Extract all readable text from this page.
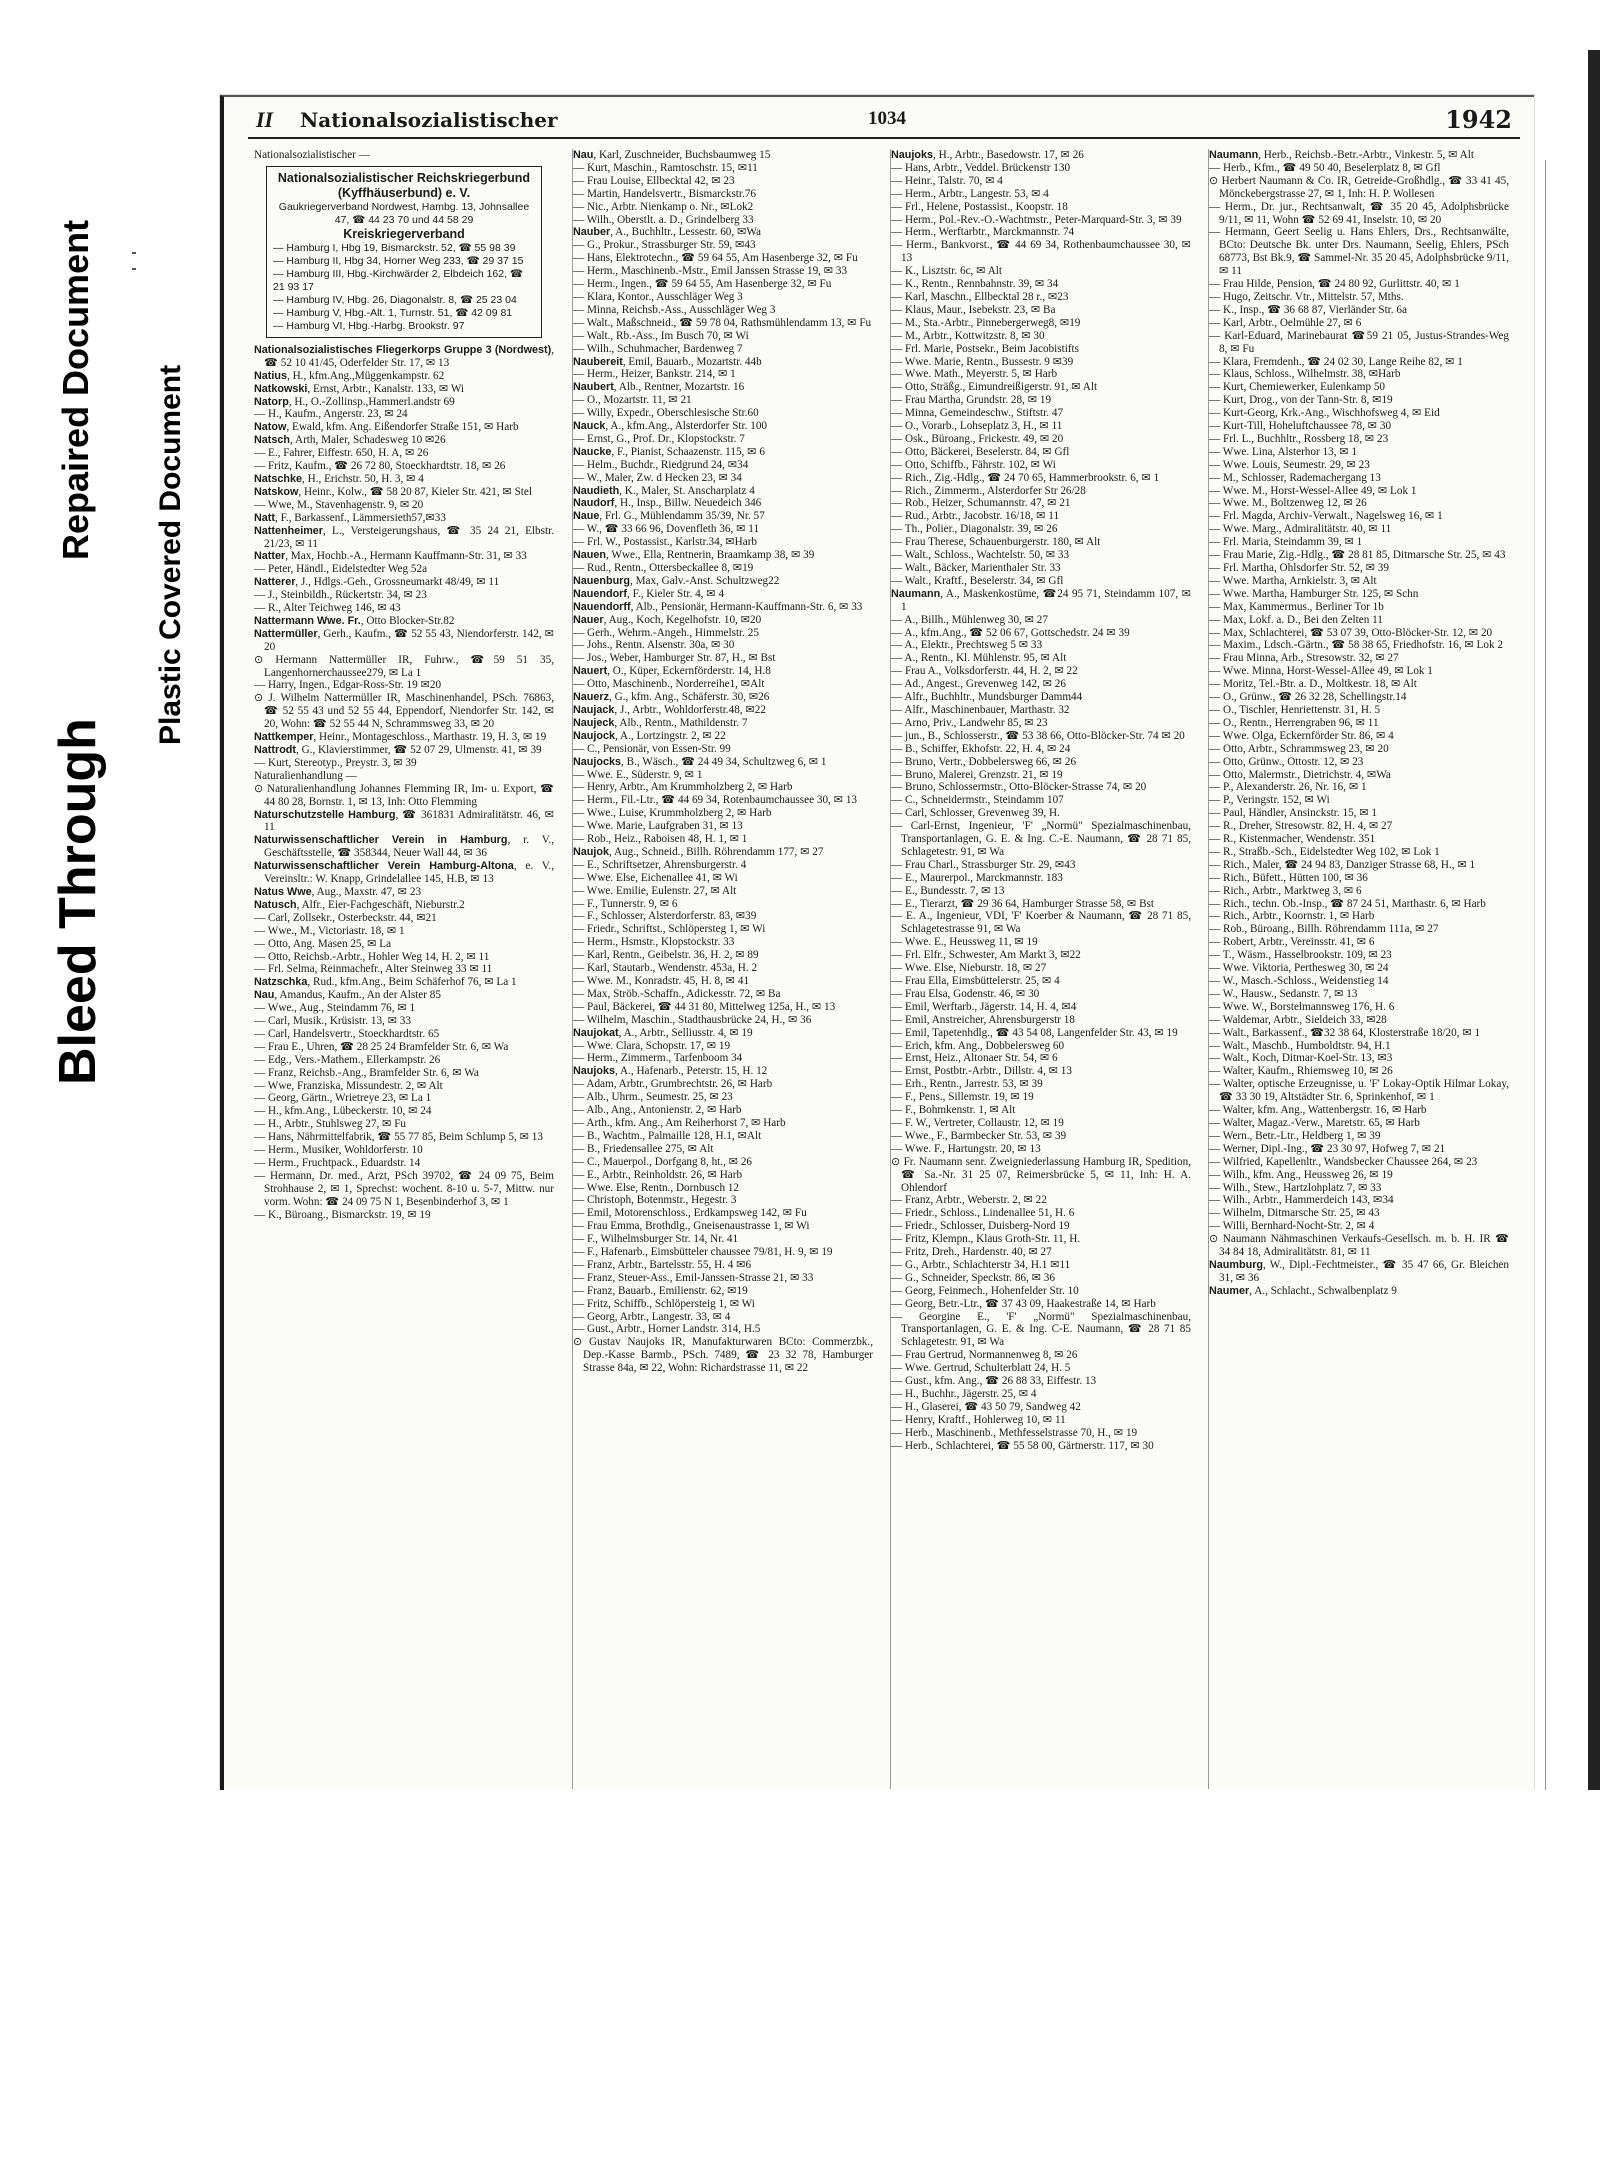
Bleed Through
Repaired Document Plastic Covered Document
II Nationalsozialistischer	1034	1942

Nationalsozialistischer —

Nationalsozialistischer Reichskriegerbund (Kyffhäuserbund) e. V.
Gaukriegerverband Nordwest, Hambg. 13, Johnsallee 47, ☎ 44 23 70 und 44 58 29
Kreiskriegerverband
— Hamburg I, Hbg 19, Bismarckstr. 52, ☎ 55 98 39
— Hamburg II, Hbg 34, Horner Weg 233, ☎ 29 37 15
— Hamburg III, Hbg.-Kirchwärder 2, Elbdeich 162, ☎ 21 93 17
— Hamburg IV, Hbg. 26, Diagonalstr. 8, ☎ 25 23 04
— Hamburg V, Hbg.-Alt. 1, Turnstr. 51, ☎ 42 09 81
— Hamburg VI, Hbg.-Harbg. Brookstr. 97

Nationalsozialistisches Fliegerkorps Gruppe 3 (Nordwest), ☎ 52 10 41/45, Oderfelder Str. 17, ✉ 13

Natius, H., kfm.Ang.,Müggenkampstr. 62

Natkowski, Ernst, Arbtr., Kanalstr. 133, ✉ Wi

Natorp, H., O.-Zollinsp.,Hammerl.andstr 69

— H., Kaufm., Angerstr. 23, ✉ 24

Natow, Ewald, kfm. Ang. Eißendorfer Straße 151, ✉ Harb

Natsch, Arth, Maler, Schadesweg 10 ✉26

— E., Fahrer, Eiffestr. 650, H. A, ✉ 26

— Fritz, Kaufm., ☎ 26 72 80, Stoeckhardtstr. 18, ✉ 26

Natschke, H., Erichstr. 50, H. 3, ✉ 4

Natskow, Heinr., Kolw., ☎ 58 20 87, Kieler Str. 421, ✉ Stel

— Wwe, M., Stavenhagenstr. 9, ✉ 20

Natt, F., Barkassenf., Lämmersieth57,✉33

Nattenheimer, L., Versteigerungshaus, ☎ 35 24 21, Elbstr. 21/23, ✉ 11

Natter, Max, Hochb.-A., Hermann Kauffmann-Str. 31, ✉ 33

— Peter, Händl., Eidelstedter Weg 52a

Natterer, J., Hdlgs.-Geh., Grossneumarkt 48/49, ✉ 11

— J., Steinbildh., Rückertstr. 34, ✉ 23

— R., Alter Teichweg 146, ✉ 43

Nattermann Wwe. Fr., Otto Blocker-Str.82

Nattermüller, Gerh., Kaufm., ☎ 52 55 43, Niendorferstr. 142, ✉ 20

⊙ Hermann Nattermüller IR, Fuhrw., ☎59 51 35, Langenhornerchaussee279, ✉ La 1

— Harry, Ingen., Edgar-Ross-Str. 19 ✉20

⊙ J. Wilhelm Nattermüller IR, Maschinenhandel, PSch. 76863, ☎ 52 55 43 und 52 55 44, Eppendorf, Niendorfer Str. 142, ✉ 20, Wohn: ☎ 52 55 44 N, Schrammsweg 33, ✉ 20

Nattkemper, Heinr., Montageschloss., Marthastr. 19, H. 3, ✉ 19

Nattrodt, G., Klavierstimmer, ☎ 52 07 29, Ulmenstr. 41, ✉ 39

— Kurt, Stereotyp., Preystr. 3, ✉ 39

Naturalienhandlung —

⊙ Naturalienhandlung Johannes Flemming IR, Im- u. Export, ☎ 44 80 28, Bornstr. 1, ✉ 13, Inh: Otto Flemming

Naturschutzstelle Hamburg, ☎ 361831 Admiralitätstr. 46, ✉ 11

Naturwissenschaftlicher Verein in Hamburg, r. V., Geschäftsstelle, ☎ 358344, Neuer Wall 44, ✉ 36

Naturwissenschaftlicher Verein Hamburg-Altona, e. V., Vereinsltr.: W. Knapp, Grindelallee 145, H.B, ✉ 13

Natus Wwe, Aug., Maxstr. 47, ✉ 23

Natusch, Alfr., Eier-Fachgeschäft, Nieburstr.2

— Carl, Zollsekr., Osterbeckstr. 44, ✉21

— Wwe., M., Victoriastr. 18, ✉ 1

— Otto, Ang. Masen 25, ✉ La

— Otto, Reichsb.-Arbtr., Hohler Weg 14, H. 2, ✉ 11

— Frl. Selma, Reinmachefr., Alter Steinweg 33 ✉ 11

Natzschka, Rud., kfm.Ang., Beim Schäferhof 76, ✉ La 1

Nau, Amandus, Kaufm., An der Alster 85

— Wwe., Aug., Steindamm 76, ✉ 1

— Carl, Musik., Krüsistr. 13, ✉ 33

— Carl, Handelsvertr., Stoeckhardtstr. 65

— Frau E., Uhren, ☎ 28 25 24 Bramfelder Str. 6, ✉ Wa

— Edg., Vers.-Mathem., Ellerkampstr. 26

— Franz, Reichsb.-Ang., Bramfelder Str. 6, ✉ Wa

— Wwe, Franziska, Missundestr. 2, ✉ Alt

— Georg, Gärtn., Wrietreye 23, ✉ La 1

— H., kfm.Ang., Lübeckerstr. 10, ✉ 24

— H., Arbtr., Stuhlsweg 27, ✉ Fu

— Hans, Nährmittelfabrik, ☎ 55 77 85, Beim Schlump 5, ✉ 13

— Herm., Musiker, Wohldorferstr. 10

— Herm., Fruchtpack., Eduardstr. 14

— Hermann, Dr. med., Arzt, PSch 39702, ☎ 24 09 75, Beim Strohhause 2, ✉ 1, Sprechst: wochent. 8-10 u. 5-7, Mittw. nur vorm. Wohn: ☎ 24 09 75 N 1, Besenbinderhof 3, ✉ 1

— K., Büroang., Bismarckstr. 19, ✉ 19

Nau, Karl, Zuschneider, Buchsbaumweg 15

— Kurt, Maschin., Ramtoschstr. 15, ✉11

— Frau Louise, Ellbecktal 42, ✉ 23

— Martin, Handelsvertr., Bismarckstr.76

— Nic., Arbtr. Nienkamp o. Nr., ✉Lok2

— Wilh., Oberstlt. a. D., Grindelberg 33

Nauber, A., Buchhltr., Lessestr. 60, ✉Wa

— G., Prokur., Strassburger Str. 59, ✉43

— Hans, Elektrotechn., ☎ 59 64 55, Am Hasenberge 32, ✉ Fu

— Herm., Maschinenb.-Mstr., Emil Janssen Strasse 19, ✉ 33

— Herm., Ingen., ☎ 59 64 55, Am Hasenberge 32, ✉ Fu

— Klara, Kontor., Ausschläger Weg 3

— Minna, Reichsb.-Ass., Ausschläger Weg 3

— Walt., Maßschneid., ☎ 59 78 04, Rathsmühlendamm 13, ✉ Fu

— Walt., Rb.-Ass., Im Busch 70, ✉ Wi

— Wilh., Schuhmacher, Bardenweg 7

Naubereit, Emil, Bauarb., Mozartstr. 44b

— Herm., Heizer, Bankstr. 214, ✉ 1

Naubert, Alb., Rentner, Mozartstr. 16

— O., Mozartstr. 11, ✉ 21

— Willy, Expedr., Oberschlesische Str.60

Nauck, A., kfm.Ang., Alsterdorfer Str. 100

— Ernst, G., Prof. Dr., Klopstockstr. 7

Naucke, F., Pianist, Schaazenstr. 115, ✉ 6

— Helm., Buchdr., Riedgrund 24, ✉34

— W., Maler, Zw. d Hecken 23, ✉ 34

Naudieth, K., Maler, St. Anscharplatz 4

Naudorf, H., Insp., Billw. Neuedeich 346

Naue, Frl. G., Mühlendamm 35/39, Nr. 57

— W., ☎ 33 66 96, Dovenfleth 36, ✉ 11

— Frl. W., Postassist., Karlstr.34, ✉Harb

Nauen, Wwe., Ella, Rentnerin, Braamkamp 38, ✉ 39

— Rud., Rentn., Ottersbeckallee 8, ✉19

Nauenburg, Max, Galv.-Anst. Schultzweg22

Nauendorf, F., Kieler Str. 4, ✉ 4

Nauendorff, Alb., Pensionär, Hermann-Kauffmann-Str. 6, ✉ 33

Nauer, Aug., Koch, Kegelhofstr. 10, ✉20

— Gerh., Wehrm.-Angeh., Himmelstr. 25

— Johs., Rentn. Alsenstr. 30a, ✉ 30

— Jos., Weber, Hamburger Str. 87, H., ✉ Bst

Nauert, O., Küper, Eckernförderstr. 14, H.8

— Otto, Maschinenb., Norderreihe1, ✉Alt

Nauerz, G., kfm. Ang., Schäferstr. 30, ✉26

Naujack, J., Arbtr., Wohldorferstr.48, ✉22

Naujeck, Alb., Rentn., Mathildenstr. 7

Naujock, A., Lortzingstr. 2, ✉ 22

— C., Pensionär, von Essen-Str. 99

Naujocks, B., Wäsch., ☎ 24 49 34, Schultzweg 6, ✉ 1

— Wwe. E., Süderstr. 9, ✉ 1

— Henry, Arbtr., Am Krummholzberg 2, ✉ Harb

— Herm., Fil.-Ltr., ☎ 44 69 34, Rotenbaumchaussee 30, ✉ 13

— Wwe., Luise, Krummholzberg 2, ✉ Harb

— Wwe. Marie, Laufgraben 31, ✉ 13

— Rob., Heiz., Raboisen 48, H. 1, ✉ 1

Naujok, Aug., Schneid., Billh. Röhrendamm 177, ✉ 27

— E., Schriftsetzer, Ahrensburgerstr. 4

— Wwe. Else, Eichenallee 41, ✉ Wi

— Wwe. Emilie, Eulenstr. 27, ✉ Alt

— F., Tunnerstr. 9, ✉ 6

— F., Schlosser, Alsterdorferstr. 83, ✉39

— Friedr., Schriftst., Schlöpersteg 1, ✉ Wi

— Herm., Hsmstr., Klopstockstr. 33

— Karl, Rentn., Geibelstr. 36, H. 2, ✉ 89

— Karl, Stautarb., Wendenstr. 453a, H. 2

— Wwe. M., Konradstr. 45, H. 8, ✉ 41

— Max, Ströb.-Schaffn., Adickesstr. 72, ✉ Ba

— Paul, Bäckerei, ☎ 44 31 80, Mittelweg 125a, H., ✉ 13

— Wilhelm, Maschin., Stadthausbrücke 24, H., ✉ 36

Naujokat, A., Arbtr., Selliusstr. 4, ✉ 19

— Wwe. Clara, Schopstr. 17, ✉ 19

— Herm., Zimmerm., Tarfenboom 34

Naujoks, A., Hafenarb., Peterstr. 15, H. 12

— Adam, Arbtr., Grumbrechtstr. 26, ✉ Harb

— Alb., Uhrm., Seumestr. 25, ✉ 23

— Alb., Ang., Antonienstr. 2, ✉ Harb

— Arth., kfm. Ang., Am Reiherhorst 7, ✉ Harb

— B., Wachtm., Palmaille 128, H.1, ✉Alt

— B., Friedensallee 275, ✉ Alt

— C., Mauerpol., Dorfgang 8, ht., ✉ 26

— E., Arbtr., Reinholdstr. 26, ✉ Harb

— Wwe. Else, Rentn., Dornbusch 12

— Christoph, Botenmstr., Hegestr. 3

— Emil, Motorenschloss., Erdkampsweg 142, ✉ Fu

— Frau Emma, Brothdlg., Gneisenaustrasse 1, ✉ Wi

— F., Wilhelmsburger Str. 14, Nr. 41

— F., Hafenarb., Eimsbütteler chaussee 79/81, H. 9, ✉ 19

— Franz, Arbtr., Bartelsstr. 55, H. 4 ✉6

— Franz, Steuer-Ass., Emil-Janssen-Strasse 21, ✉ 33

— Franz, Bauarb., Emilienstr. 62, ✉19

— Fritz, Schiffb., Schlöpersteig 1, ✉ Wi

— Georg, Arbtr., Langestr. 33, ✉ 4

— Gust., Arbtr., Horner Landstr. 314, H.5

⊙ Gustav Naujoks IR, Manufakturwaren BCto: Commerzbk., Dep.-Kasse Barmb., PSch. 7489, ☎ 23 32 78, Hamburger Strasse 84a, ✉ 22, Wohn: Richardstrasse 11, ✉ 22

Naujoks, H., Arbtr., Basedowstr. 17, ✉ 26

— Hans, Arbtr., Veddel. Brückenstr 130

— Heinr., Talstr. 70, ✉ 4

— Herm., Arbtr., Langestr. 53, ✉ 4

— Frl., Helene, Postassist., Koopstr. 18

— Herm., Pol.-Rev.-O.-Wachtmstr., Peter-Marquard-Str. 3, ✉ 39

— Herm., Werftarbtr., Marckmannstr. 74

— Herm., Bankvorst., ☎ 44 69 34, Rothenbaumchaussee 30, ✉ 13

— K., Lisztstr. 6c, ✉ Alt

— K., Rentn., Rennbahnstr. 39, ✉ 34

— Karl, Maschn., Ellbecktal 28 r., ✉23

— Klaus, Maur., Isebekstr. 23, ✉ Ba

— M., Sta.-Arbtr., Pinnebergerweg8, ✉19

— M., Arbtr., Kottwitzstr. 8, ✉ 30

— Frl. Marie, Postsekr., Beim Jacobistifts

— Wwe. Marie, Rentn., Bussestr. 9 ✉39

— Wwe. Math., Meyerstr. 5, ✉ Harb

— Otto, Sträßg., Eimundreißigerstr. 91, ✉ Alt

— Frau Martha, Grundstr. 28, ✉ 19

— Minna, Gemeindeschw., Stiftstr. 47

— O., Vorarb., Lohseplatz 3, H., ✉ 11

— Osk., Büroang., Frickestr. 49, ✉ 20

— Otto, Bäckerei, Beselerstr. 84, ✉ Gfl

— Otto, Schiffb., Fährstr. 102, ✉ Wi

— Rich., Zig.-Hdlg., ☎ 24 70 65, Hammerbrookstr. 6, ✉ 1

— Rich., Zimmerm., Alsterdorfer Str 26/28

— Rob., Heizer, Schumannstr. 47, ✉ 21

— Rud., Arbtr., Jacobstr. 16/18, ✉ 11

— Th., Polier., Diagonalstr. 39, ✉ 26

— Frau Therese, Schauenburgerstr. 180, ✉ Alt

— Walt., Schloss., Wachtelstr. 50, ✉ 33

— Walt., Bäcker, Marienthaler Str. 33

— Walt., Kraftf., Beselerstr. 34, ✉ Gfl

Naumann, A., Maskenkostüme, ☎24 95 71, Steindamm 107, ✉ 1

— A., Billh., Mühlenweg 30, ✉ 27

— A., kfm.Ang., ☎ 52 06 67, Gottschedstr. 24 ✉ 39

— A., Elektr., Prechtsweg 5 ✉ 33

— A., Rentn., Kl. Mühlenstr. 95, ✉ Alt

— Frau A., Volksdorferstr. 44, H. 2, ✉ 22

— Ad., Angest., Grevenweg 142, ✉ 26

— Alfr., Buchhltr., Mundsburger Damm44

— Alfr., Maschinenbauer, Marthastr. 32

— Arno, Priv., Landwehr 85, ✉ 23

— jun., B., Schlosserstr., ☎ 53 38 66, Otto-Blöcker-Str. 74 ✉ 20

— B., Schiffer, Ekhofstr. 22, H. 4, ✉ 24

— Bruno, Vertr., Dobbelersweg 66, ✉ 26

— Bruno, Malerei, Grenzstr. 21, ✉ 19

— Bruno, Schlossermstr., Otto-Blöcker-Strasse 74, ✉ 20

— C., Schneidermstr., Steindamm 107

— Carl, Schlosser, Grevenweg 39, H.

— Carl-Ernst, Ingenieur, 'F' „Normü" Spezialmaschinenbau, Transportanlagen, G. E. & Ing. C.-E. Naumann, ☎ 28 71 85, Schlagetestr. 91, ✉ Wa

— Frau Charl., Strassburger Str. 29, ✉43

— E., Maurerpol., Marckmannstr. 183

— E., Bundesstr. 7, ✉ 13

— E., Tierarzt, ☎ 29 36 64, Hamburger Strasse 58, ✉ Bst

— E. A., Ingenieur, VDI, 'F' Koerber & Naumann, ☎ 28 71 85, Schlagetestrasse 91, ✉ Wa

— Wwe. E., Heussweg 11, ✉ 19

— Frl. Elfr., Schwester, Am Markt 3, ✉22

— Wwe. Else, Nieburstr. 18, ✉ 27

— Frau Ella, Eimsbüttelerstr. 25, ✉ 4

— Frau Elsa, Godenstr. 46, ✉ 30

— Emil, Werftarb., Jägerstr. 14, H. 4, ✉4

— Emil, Anstreicher, Ahrensburgerstr 18

— Emil, Tapetenhdlg., ☎ 43 54 08, Langenfelder Str. 43, ✉ 19

— Erich, kfm. Ang., Dobbelersweg 60

— Ernst, Heiz., Altonaer Str. 54, ✉ 6

— Ernst, Postbtr.-Arbtr., Dillstr. 4, ✉ 13

— Erh., Rentn., Jarrestr. 53, ✉ 39

— F., Pens., Sillemstr. 19, ✉ 19

— F., Bohmkenstr. 1, ✉ Alt

— F. W., Vertreter, Collaustr. 12, ✉ 19

— Wwe., F., Barmbecker Str. 53, ✉ 39

— Wwe. F., Hartungstr. 20, ✉ 13

⊙ Fr. Naumann senr. Zweigniederlassung Hamburg IR, Spedition, ☎ Sa.-Nr. 31 25 07, Reimersbrücke 5, ✉ 11, Inh: H. A. Ohlendorf

— Franz, Arbtr., Weberstr. 2, ✉ 22

— Friedr., Schloss., Lindenallee 51, H. 6

— Friedr., Schlosser, Duisberg-Nord 19

— Fritz, Klempn., Klaus Groth-Str. 11, H.

— Fritz, Dreh., Hardenstr. 40, ✉ 27

— G., Arbtr., Schlachterstr 34, H.1 ✉11

— G., Schneider, Speckstr. 86, ✉ 36

— Georg, Feinmech., Hohenfelder Str. 10

— Georg, Betr.-Ltr., ☎ 37 43 09, Haakestraße 14, ✉ Harb

— Georgine E., 'F' „Normü" Spezialmaschinenbau, Transportanlagen, G. E. & Ing. C-E. Naumann, ☎ 28 71 85 Schlagetestr. 91, ✉ Wa

— Frau Gertrud, Normannenweg 8, ✉ 26

— Wwe. Gertrud, Schulterblatt 24, H. 5

— Gust., kfm. Ang., ☎ 26 88 33, Eiffestr. 13

— H., Buchhr., Jägerstr. 25, ✉ 4

— H., Glaserei, ☎ 43 50 79, Sandweg 42

— Henry, Kraftf., Hohlerweg 10, ✉ 11

— Herb., Maschinenb., Methfesselstrasse 70, H., ✉ 19

— Herb., Schlachterei, ☎ 55 58 00, Gärtnerstr. 117, ✉ 30

Naumann, Herb., Reichsb.-Betr.-Arbtr., Vinkestr. 5, ✉ Alt

— Herb., Kfm., ☎ 49 50 40, Beselerplatz 8, ✉ Gfl

⊙ Herbert Naumann & Co. IR, Getreide-Großhdlg., ☎ 33 41 45, Mönckebergstrasse 27, ✉ 1, Inh: H. P. Wollesen

— Herm., Dr. jur., Rechtsanwalt, ☎ 35 20 45, Adolphsbrücke 9/11, ✉ 11, Wohn ☎ 52 69 41, Inselstr. 10, ✉ 20

— Hermann, Geert Seelig u. Hans Ehlers, Drs., Rechtsanwälte, BCto: Deutsche Bk. unter Drs. Naumann, Seelig, Ehlers, PSch 68773, Bst Bk.9, ☎ Sammel-Nr. 35 20 45, Adolphsbrücke 9/11, ✉ 11

— Frau Hilde, Pension, ☎ 24 80 92, Gurlittstr. 40, ✉ 1

— Hugo, Zeitschr. Vtr., Mittelstr. 57, Mths.

— K., Insp., ☎ 36 68 87, Vierländer Str. 6a

— Karl, Arbtr., Oelmühle 27, ✉ 6

— Karl-Eduard, Marinebaurat ☎59 21 05, Justus-Strandes-Weg 8, ✉ Fu

— Klara, Fremdenh., ☎ 24 02 30, Lange Reihe 82, ✉ 1

— Klaus, Schloss., Wilhelmstr. 38, ✉Harb

— Kurt, Chemiewerker, Eulenkamp 50

— Kurt, Drog., von der Tann-Str. 8, ✉19

— Kurt-Georg, Krk.-Ang., Wischhofsweg 4, ✉ Eid

— Kurt-Till, Hoheluftchaussee 78, ✉ 30

— Frl. L., Buchhltr., Rossberg 18, ✉ 23

— Wwe. Lina, Alsterhor 13, ✉ 1

— Wwe. Louis, Seumestr. 29, ✉ 23

— M., Schlosser, Rademachergang 13

— Wwe. M., Horst-Wessel-Allee 49, ✉ Lok 1

— Wwe. M., Boltzenweg 12, ✉ 26

— Frl. Magda, Archiv-Verwalt., Nagelsweg 16, ✉ 1

— Wwe. Marg., Admiralitätstr. 40, ✉ 11

— Frl. Maria, Steindamm 39, ✉ 1

— Frau Marie, Zig.-Hdlg., ☎ 28 81 85, Ditmarsche Str. 25, ✉ 43

— Frl. Martha, Ohlsdorfer Str. 52, ✉ 39

— Wwe. Martha, Arnkielstr. 3, ✉ Alt

— Wwe. Martha, Hamburger Str. 125, ✉ Schn

— Max, Kammermus., Berliner Tor 1b

— Max, Lokf. a. D., Bei den Zelten 11

— Max, Schlachterei, ☎ 53 07 39, Otto-Blöcker-Str. 12, ✉ 20

— Maxim., Ldsch.-Gärtn., ☎ 58 38 65, Friedhofstr. 16, ✉ Lok 2

— Frau Minna, Arb., Stresowstr. 32, ✉ 27

— Wwe. Minna, Horst-Wessel-Allee 49, ✉ Lok 1

— Moritz, Tel.-Btr. a. D., Moltkestr. 18, ✉ Alt

— O., Grünw., ☎ 26 32 28, Schellingstr.14

— O., Tischler, Henriettenstr. 31, H. 5

— O., Rentn., Herrengraben 96, ✉ 11

— Wwe. Olga, Eckernförder Str. 86, ✉ 4

— Otto, Arbtr., Schrammsweg 23, ✉ 20

— Otto, Grünw., Ottostr. 12, ✉ 23

— Otto, Malermstr., Dietrichstr. 4, ✉Wa

— P., Alexanderstr. 26, Nr. 16, ✉ 1

— P., Veringstr. 152, ✉ Wi

— Paul, Händler, Ansinckstr. 15, ✉ 1

— R., Dreher, Stresowstr. 82, H. 4, ✉ 27

— R., Kistenmacher, Wendenstr. 351

— R., Straßb.-Sch., Eidelstedter Weg 102, ✉ Lok 1

— Rich., Maler, ☎ 24 94 83, Danziger Strasse 68, H., ✉ 1

— Rich., Büfett., Hütten 100, ✉ 36

— Rich., Arbtr., Marktweg 3, ✉ 6

— Rich., techn. Ob.-Insp., ☎ 87 24 51, Marthastr. 6, ✉ Harb

— Rich., Arbtr., Koornstr. 1, ✉ Harb

— Rob., Büroang., Billh. Röhrendamm 111a, ✉ 27

— Robert, Arbtr., Vereinsstr. 41, ✉ 6

— T., Wäsm., Hasselbrookstr. 109, ✉ 23

— Wwe. Viktoria, Perthesweg 30, ✉ 24

— W., Masch.-Schloss., Weidenstieg 14

— W., Hausw., Sedanstr. 7, ✉ 13

— Wwe. W., Borstelmannsweg 176, H. 6

— Waldemar, Arbtr., Sieldeich 33, ✉28

— Walt., Barkassenf., ☎32 38 64, Klosterstraße 18/20, ✉ 1

— Walt., Maschb., Humboldtstr. 94, H.1

— Walt., Koch, Ditmar-Koel-Str. 13, ✉3

— Walter, Kaufm., Rhiemsweg 10, ✉ 26

— Walter, optische Erzeugnisse, u. 'F' Lokay-Optik Hilmar Lokay, ☎ 33 30 19, Altstädter Str. 6, Sprinkenhof, ✉ 1

— Walter, kfm. Ang., Wattenbergstr. 16, ✉ Harb

— Walter, Magaz.-Verw., Maretstr. 65, ✉ Harb

— Wern., Betr.-Ltr., Heldberg 1, ✉ 39

— Werner, Dipl.-Ing., ☎ 23 30 97, Hofweg 7, ✉ 21

— Wilfried, Kapellenltr., Wandsbecker Chaussee 264, ✉ 23

— Wilh., kfm. Ang., Heussweg 26, ✉ 19

— Wilh., Stew., Hartzlohplatz 7, ✉ 33

— Wilh., Arbtr., Hammerdeich 143, ✉34

— Wilhelm, Ditmarsche Str. 25, ✉ 43

— Willi, Bernhard-Nocht-Str. 2, ✉ 4

⊙ Naumann Nähmaschinen Verkaufs-Gesellsch. m. b. H. IR ☎ 34 84 18, Admiralitätstr. 81, ✉ 11

Naumburg, W., Dipl.-Fechtmeister., ☎ 35 47 66, Gr. Bleichen 31, ✉ 36

Naumer, A., Schlacht., Schwalbenplatz 9
